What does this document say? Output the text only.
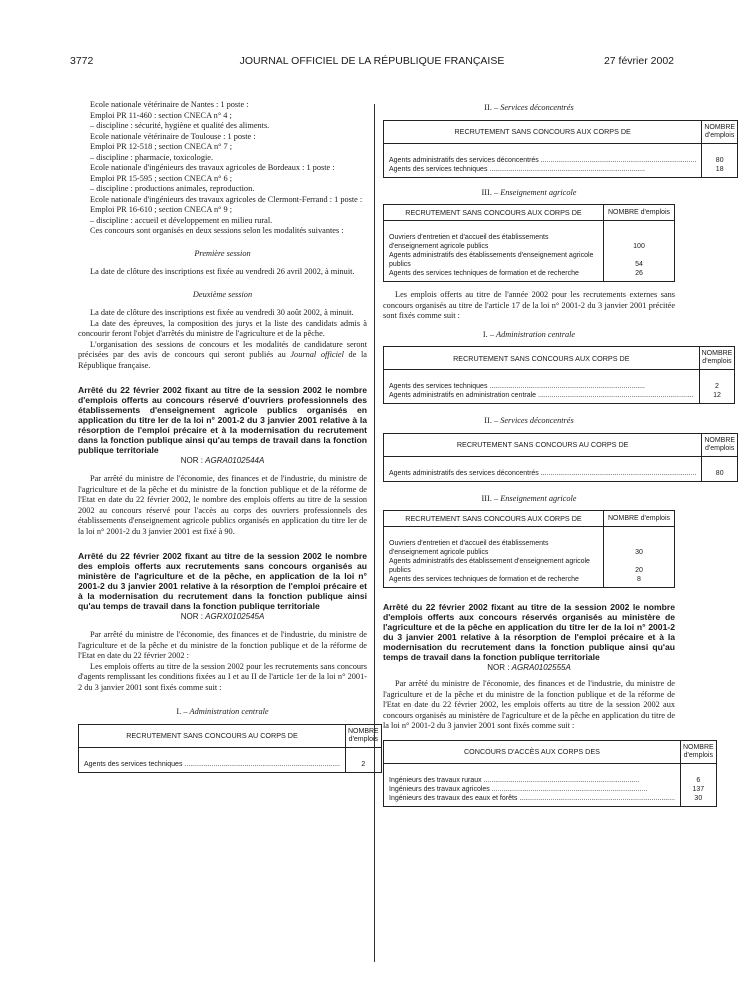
3772	JOURNAL OFFICIEL DE LA RÉPUBLIQUE FRANÇAISE	27 février 2002

Ecole nationale vétérinaire de Nantes : 1 poste :

Emploi PR 11-460 : section CNECA n° 4 ;

– discipline : sécurité, hygiène et qualité des aliments.

Ecole nationale vétérinaire de Toulouse : 1 poste :

Emploi PR 12-518 ; section CNECA n° 7 ;

– discipline : pharmacie, toxicologie.

Ecole nationale d'ingénieurs des travaux agricoles de Bordeaux : 1 poste :

Emploi PR 15-595 ; section CNECA n° 6 ;

– discipline : productions animales, reproduction.

Ecole nationale d'ingénieurs des travaux agricoles de Clermont-Ferrand : 1 poste :

Emploi PR 16-610 ; section CNECA n° 9 ;

– discipline : accueil et développement en milieu rural.

Ces concours sont organisés en deux sessions selon les modalités suivantes :

Première session

La date de clôture des inscriptions est fixée au vendredi 26 avril 2002, à minuit.

Deuxième session

La date de clôture des inscriptions est fixée au vendredi 30 août 2002, à minuit.

La date des épreuves, la composition des jurys et la liste des candidats admis à concourir feront l'objet d'arrêtés du ministre de l'agriculture et de la pêche.

L'organisation des sessions de concours et les modalités de candidature seront précisées par des avis de concours qui seront publiés au Journal officiel de la République française.

Arrêté du 22 février 2002 fixant au titre de la session 2002 le nombre d'emplois offerts au concours réservé d'ouvriers professionnels des établissements d'enseignement agricole publics organisés en application du titre Ier de la loi n° 2001-2 du 3 janvier 2001 relative à la résorption de l'emploi précaire et à la modernisation du recrutement dans la fonction publique ainsi qu'au temps de travail dans la fonction publique territoriale

NOR : AGRA0102544A

Par arrêté du ministre de l'économie, des finances et de l'industrie, du ministre de l'agriculture et de la pêche et du ministre de la fonction publique et de la réforme de l'Etat en date du 22 février 2002, le nombre des emplois offerts au titre de la session 2002 au concours réservé pour l'accès au corps des ouvriers professionnels des établissements d'enseignement agricole publics organisés en application du titre Ier de la loi n° 2001-2 du 3 janvier 2001 est fixé à 90.

Arrêté du 22 février 2002 fixant au titre de la session 2002 le nombre des emplois offerts aux recrutements sans concours organisés au ministère de l'agriculture et de la pêche, en application de la loi n° 2001-2 du 3 janvier 2001 relative à la résorption de l'emploi précaire et à la modernisation du recrutement dans la fonction publique ainsi qu'au temps de travail dans la fonction publique territoriale

NOR : AGRX0102545A

Par arrêté du ministre de l'économie, des finances et de l'industrie, du ministre de l'agriculture et de la pêche et du ministre de la fonction publique et de la réforme de l'Etat en date du 22 février 2002 :

Les emplois offerts au titre de la session 2002 pour les recrutements sans concours d'agents remplissant les conditions fixées au I et au II de l'article 1er de la loi n° 2001-2 du 3 janvier 2001 sont fixés comme suit :

I. – Administration centrale
RECRUTEMENT SANS CONCOURS AU CORPS DE	NOMBRE d'emplois
Agents des services techniques .....	2
II. – Services déconcentrés
RECRUTEMENT SANS CONCOURS AUX CORPS DE	NOMBRE d'emplois
Agents administratifs des services déconcentrés .....	80
Agents des services techniques .....	18
III. – Enseignement agricole
RECRUTEMENT SANS CONCOURS AUX CORPS DE	NOMBRE d'emplois
Ouvriers d'entretien et d'accueil des établissements d'enseignement agricole publics	100
Agents administratifs des établissements d'enseignement agricole publics	54
Agents des services techniques de formation et de recherche	26

Les emplois offerts au titre de l'année 2002 pour les recrutements externes sans concours organisés au titre de l'article 17 de la loi n° 2001-2 du 3 janvier 2001 précitée sont fixés comme suit :

I. – Administration centrale
RECRUTEMENT SANS CONCOURS AUX CORPS DE	NOMBRE d'emplois
Agents des services techniques .....	2
Agents administratifs en administration centrale .....	12
II. – Services déconcentrés
RECRUTEMENT SANS CONCOURS AU CORPS DE	NOMBRE d'emplois
Agents administratifs des services déconcentrés .....	80
III. – Enseignement agricole
RECRUTEMENT SANS CONCOURS AUX CORPS DE	NOMBRE d'emplois
Ouvriers d'entretien et d'accueil des établissements d'enseignement agricole publics	30
Agents administratifs des établissement d'enseignement agricole publics	20
Agents des services techniques de formation et de recherche	8

Arrêté du 22 février 2002 fixant au titre de la session 2002 le nombre d'emplois offerts aux concours réservés organisés au ministère de l'agriculture et de la pêche en application du titre Ier de la loi n° 2001-2 du 3 janvier 2001 relative à la résorption de l'emploi précaire et à la modernisation du recrutement dans la fonction publique ainsi qu'au temps de travail dans la fonction publique territoriale

NOR : AGRA0102555A

Par arrêté du ministre de l'économie, des finances et de l'industrie, du ministre de l'agriculture et de la pêche et du ministre de la fonction publique et de la réforme de l'Etat en date du 22 février 2002, les emplois offerts au titre de la session 2002 aux concours organisés au ministère de l'agriculture et de la pêche en application du titre de la loi n° 2001-2 du 3 janvier 2001 sont fixés comme suit :

CONCOURS D'ACCÈS AUX CORPS DES	NOMBRE d'emplois
Ingénieurs des travaux ruraux .....	6
Ingénieurs des travaux agricoles .....	137
Ingénieurs des travaux des eaux et forêts .....	30
